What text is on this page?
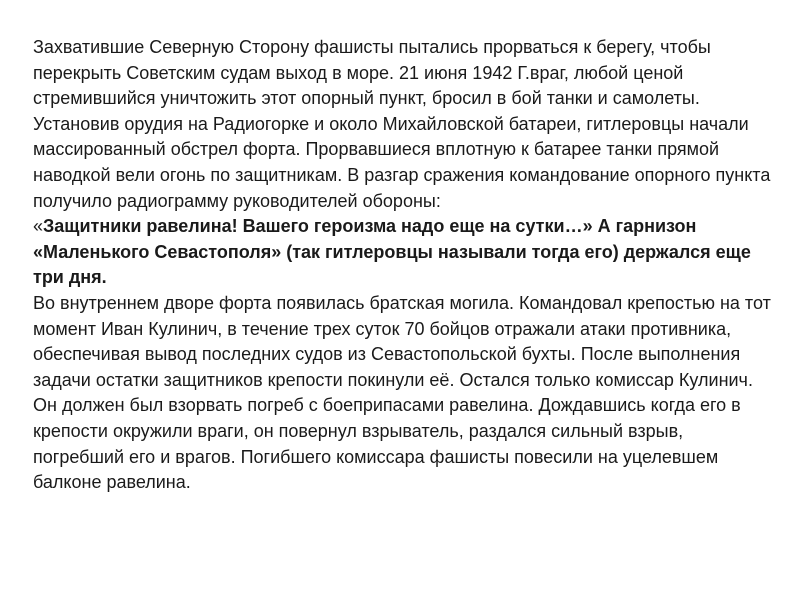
Захватившие Северную Сторону фашисты пытались прорваться к берегу, чтобы перекрыть Советским судам выход в море. 21 июня 1942 Г.враг, любой ценой стремившийся уничтожить этот опорный пункт, бросил в бой танки и самолеты. Установив орудия на Радиогорке и около Михайловской батареи, гитлеровцы начали массированный обстрел форта. Прорвавшиеся вплотную к батарее танки прямой наводкой вели огонь по защитникам. В разгар сражения командование опорного пункта получило радиограмму руководителей обороны:
«Защитники равелина! Вашего героизма надо еще на сутки…» А гарнизон «Маленького Севастополя» (так гитлеровцы называли тогда его) держался еще три дня.

Во внутреннем дворе форта появилась братская могила. Командовал крепостью на тот момент Иван Кулинич, в течение трех суток 70 бойцов отражали атаки противника, обеспечивая вывод последних судов из Севастопольской бухты. После выполнения задачи остатки защитников крепости покинули её. Остался только комиссар Кулинич. Он должен был взорвать погреб с боеприпасами равелина. Дождавшись когда его в крепости окружили враги, он повернул взрыватель, раздался сильный взрыв, погребший его и врагов. Погибшего комиссара фашисты повесили на уцелевшем балконе равелина.
